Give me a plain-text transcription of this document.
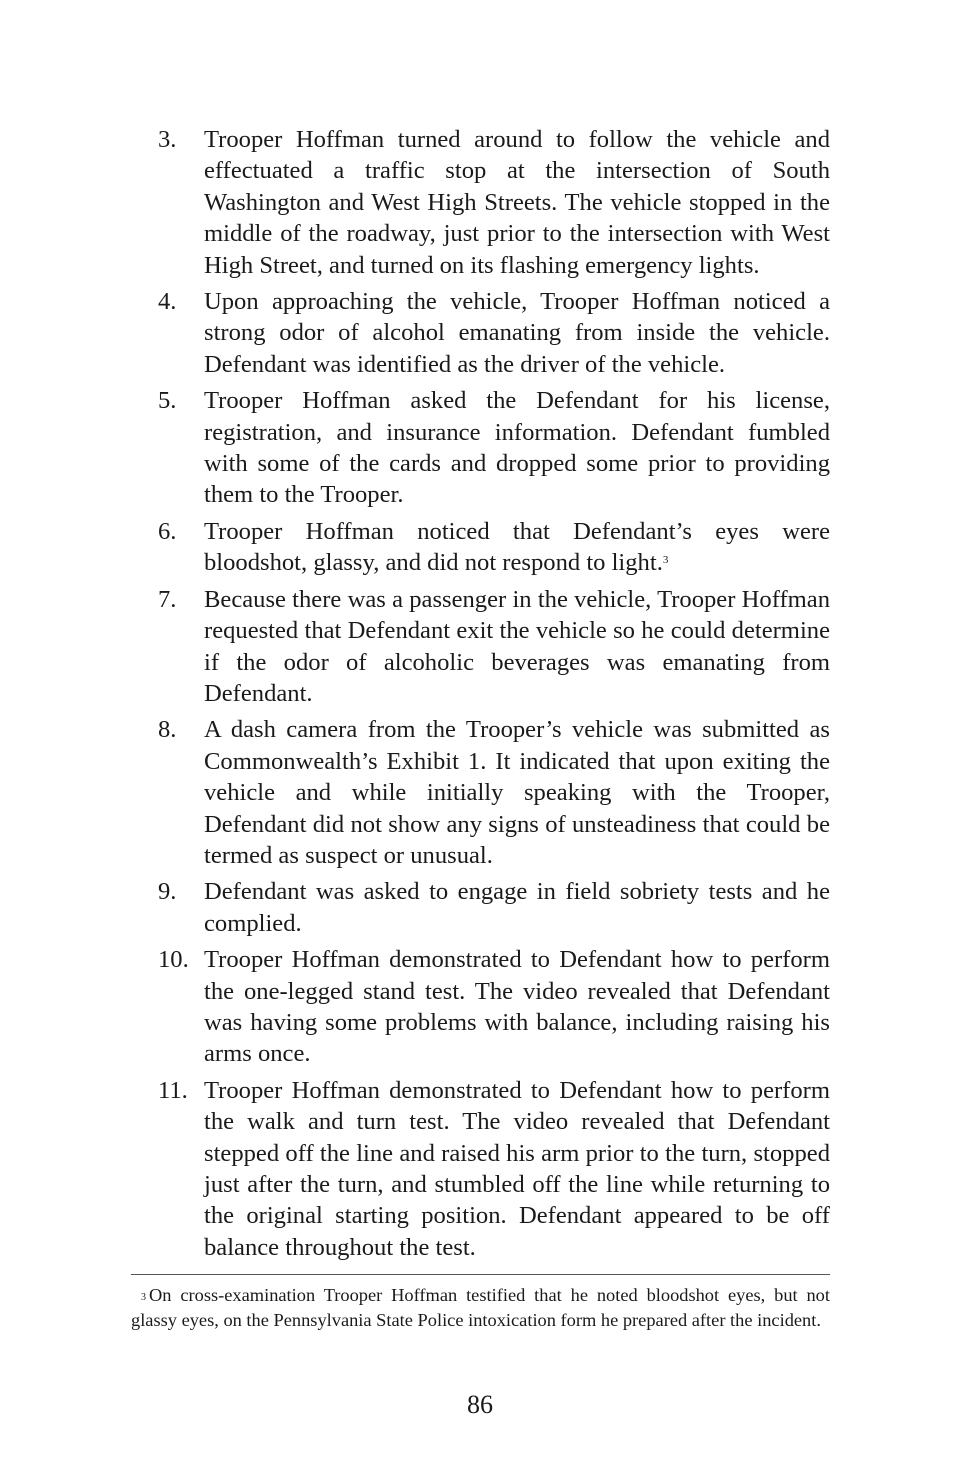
3. Trooper Hoffman turned around to follow the vehicle and effectuated a traffic stop at the intersection of South Washington and West High Streets. The vehicle stopped in the middle of the roadway, just prior to the intersection with West High Street, and turned on its flashing emergency lights.
4. Upon approaching the vehicle, Trooper Hoffman noticed a strong odor of alcohol emanating from inside the vehicle. Defendant was identified as the driver of the vehicle.
5. Trooper Hoffman asked the Defendant for his license, registration, and insurance information. Defendant fumbled with some of the cards and dropped some prior to providing them to the Trooper.
6. Trooper Hoffman noticed that Defendant’s eyes were bloodshot, glassy, and did not respond to light.$^3$
7. Because there was a passenger in the vehicle, Trooper Hoffman requested that Defendant exit the vehicle so he could determine if the odor of alcoholic beverages was emanating from Defendant.
8. A dash camera from the Trooper’s vehicle was submitted as Commonwealth’s Exhibit 1. It indicated that upon exiting the vehicle and while initially speaking with the Trooper, Defendant did not show any signs of unsteadiness that could be termed as suspect or unusual.
9. Defendant was asked to engage in field sobriety tests and he complied.
10. Trooper Hoffman demonstrated to Defendant how to perform the one-legged stand test. The video revealed that Defendant was having some problems with balance, including raising his arms once.
11. Trooper Hoffman demonstrated to Defendant how to perform the walk and turn test. The video revealed that Defendant stepped off the line and raised his arm prior to the turn, stopped just after the turn, and stumbled off the line while returning to the original starting position. Defendant appeared to be off balance throughout the test.
$^3$ On cross-examination Trooper Hoffman testified that he noted bloodshot eyes, but not glassy eyes, on the Pennsylvania State Police intoxication form he prepared after the incident.
86
